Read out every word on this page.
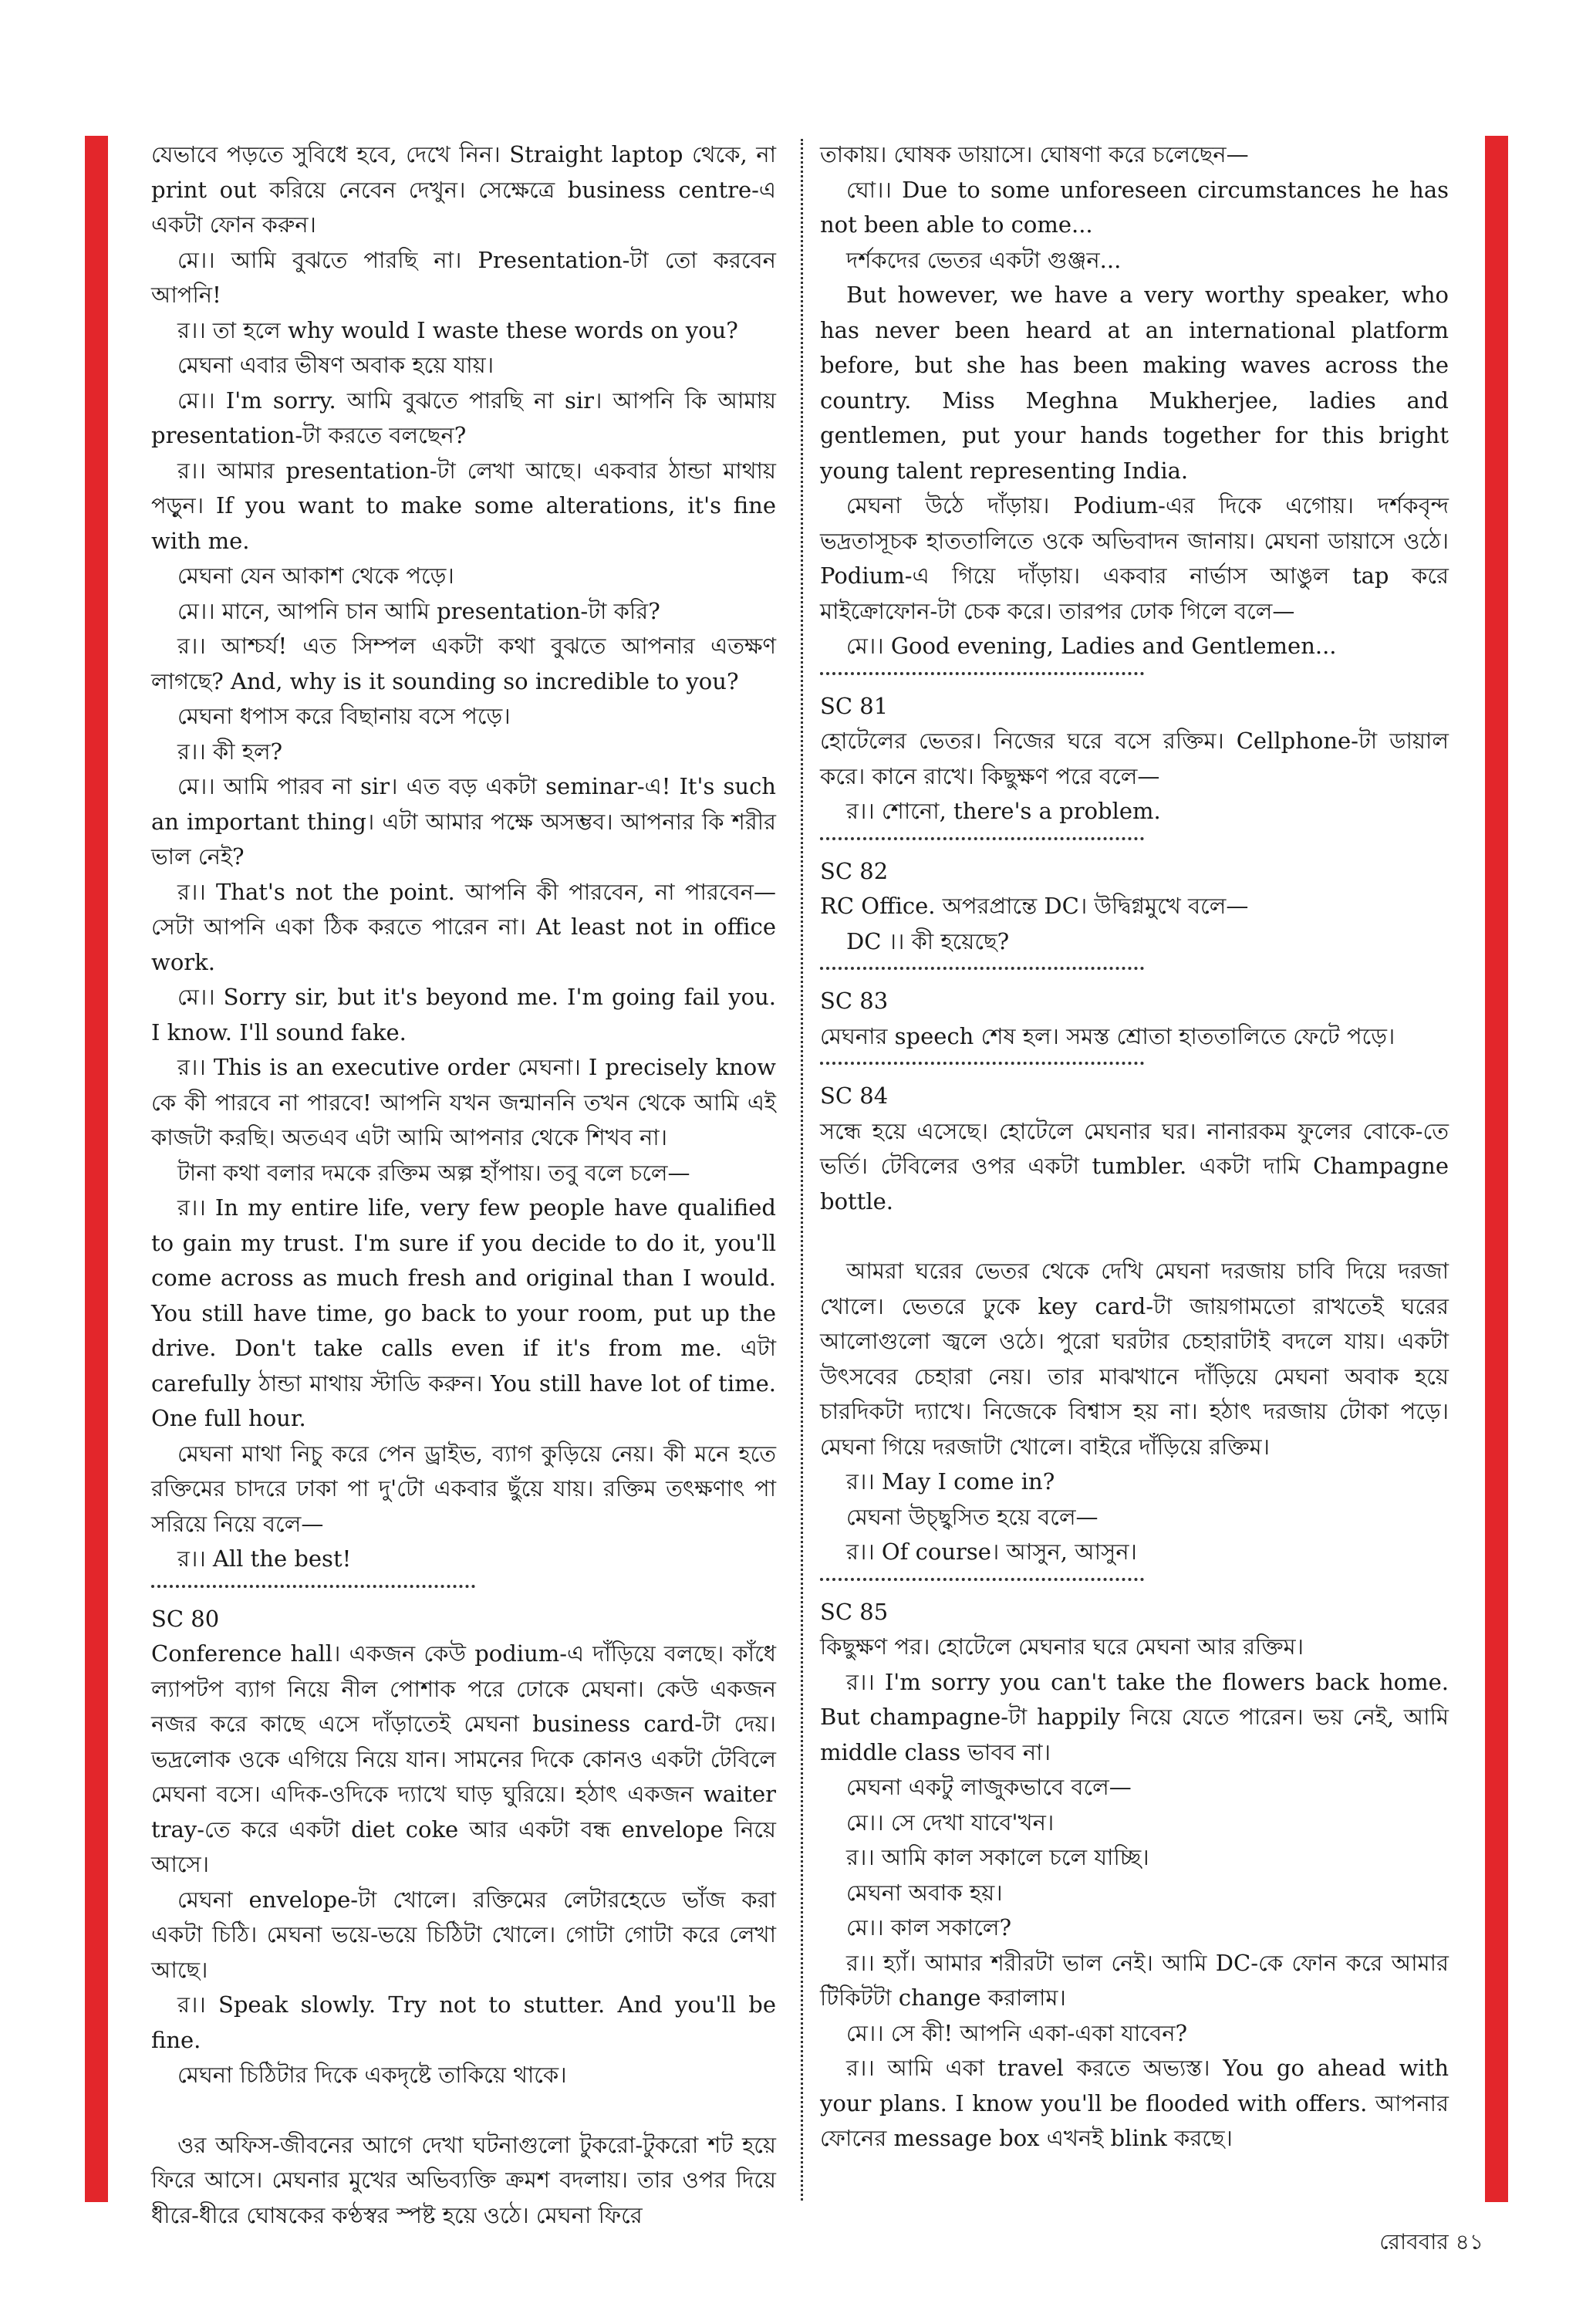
যেভাবে পড়তে সুবিধে হবে, দেখে নিন। Straight laptop থেকে, না print out করিয়ে নেবেন দেখুন। সেক্ষেত্রে business centre-এ একটা ফোন করুন।

মে।। আমি বুঝতে পারছি না। Presentation-টা তো করবেন আপনি!

র।। তা হলে why would I waste these words on you?

মেঘনা এবার ভীষণ অবাক হয়ে যায়।

মে।। I'm sorry. আমি বুঝতে পারছি না sir। আপনি কি আমায় presentation-টা করতে বলছেন?

র।। আমার presentation-টা লেখা আছে। একবার ঠান্ডা মাথায় পড়ুন। If you want to make some alterations, it's fine with me.

মেঘনা যেন আকাশ থেকে পড়ে।

মে।। মানে, আপনি চান আমি presentation-টা করি?

র।। আশ্চর্য! এত সিম্পল একটা কথা বুঝতে আপনার এতক্ষণ লাগছে? And, why is it sounding so incredible to you?

মেঘনা ধপাস করে বিছানায় বসে পড়ে।

র।। কী হল?

মে।। আমি পারব না sir। এত বড় একটা seminar-এ! It's such an important thing। এটা আমার পক্ষে অসম্ভব। আপনার কি শরীর ভাল নেই?

র।। That's not the point. আপনি কী পারবেন, না পারবেন—সেটা আপনি একা ঠিক করতে পারেন না। At least not in office work.

মে।। Sorry sir, but it's beyond me. I'm going fail you. I know. I'll sound fake.

র।। This is an executive order মেঘনা। I precisely know কে কী পারবে না পারবে! আপনি যখন জন্মাননি তখন থেকে আমি এই কাজটা করছি। অতএব এটা আমি আপনার থেকে শিখব না।

টানা কথা বলার দমকে রক্তিম অল্প হাঁপায়। তবু বলে চলে—

র।। In my entire life, very few people have qualified to gain my trust. I'm sure if you decide to do it, you'll come across as much fresh and original than I would. You still have time, go back to your room, put up the drive. Don't take calls even if it's from me. এটা carefully ঠান্ডা মাথায় স্টাডি করুন। You still have lot of time. One full hour.

মেঘনা মাথা নিচু করে পেন ড্রাইভ, ব্যাগ কুড়িয়ে নেয়। কী মনে হতে রক্তিমের চাদরে ঢাকা পা দু'টো একবার ছুঁয়ে যায়। রক্তিম তৎক্ষণাৎ পা সরিয়ে নিয়ে বলে—

র।। All the best!

SC 80

Conference hall। একজন কেউ podium-এ দাঁড়িয়ে বলছে। কাঁধে ল্যাপটপ ব্যাগ নিয়ে নীল পোশাক পরে ঢোকে মেঘনা। কেউ একজন নজর করে কাছে এসে দাঁড়াতেই মেঘনা business card-টা দেয়। ভদ্রলোক ওকে এগিয়ে নিয়ে যান। সামনের দিকে কোনও একটা টেবিলে মেঘনা বসে। এদিক-ওদিকে দ্যাখে ঘাড় ঘুরিয়ে। হঠাৎ একজন waiter tray-তে করে একটা diet coke আর একটা বন্ধ envelope নিয়ে আসে।

মেঘনা envelope-টা খোলে। রক্তিমের লেটারহেডে ভাঁজ করা একটা চিঠি। মেঘনা ভয়ে-ভয়ে চিঠিটা খোলে। গোটা গোটা করে লেখা আছে।

র।। Speak slowly. Try not to stutter. And you'll be fine.

মেঘনা চিঠিটার দিকে একদৃষ্টে তাকিয়ে থাকে।

ওর অফিস-জীবনের আগে দেখা ঘটনাগুলো টুকরো-টুকরো শট হয়ে ফিরে আসে। মেঘনার মুখের অভিব্যক্তি ক্রমশ বদলায়। তার ওপর দিয়ে ধীরে-ধীরে ঘোষকের কণ্ঠস্বর স্পষ্ট হয়ে ওঠে। মেঘনা ফিরে

তাকায়। ঘোষক ডায়াসে। ঘোষণা করে চলেছেন—

ঘো।। Due to some unforeseen circumstances he has not been able to come...

দর্শকদের ভেতর একটা গুঞ্জন...

But however, we have a very worthy speaker, who has never been heard at an international platform before, but she has been making waves across the country. Miss Meghna Mukherjee, ladies and gentlemen, put your hands together for this bright young talent representing India.

মেঘনা উঠে দাঁড়ায়। Podium-এর দিকে এগোয়। দর্শকবৃন্দ ভদ্রতাসূচক হাততালিতে ওকে অভিবাদন জানায়। মেঘনা ডায়াসে ওঠে। Podium-এ গিয়ে দাঁড়ায়। একবার নার্ভাস আঙুল tap করে মাইক্রোফোন-টা চেক করে। তারপর ঢোক গিলে বলে—

মে।। Good evening, Ladies and Gentlemen...

SC 81

হোটেলের ভেতর। নিজের ঘরে বসে রক্তিম। Cellphone-টা ডায়াল করে। কানে রাখে। কিছুক্ষণ পরে বলে—

র।। শোনো, there's a problem.

SC 82

RC Office. অপরপ্রান্তে DC। উদ্বিগ্নমুখে বলে—

DC ।। কী হয়েছে?

SC 83

মেঘনার speech শেষ হল। সমস্ত শ্রোতা হাততালিতে ফেটে পড়ে।

SC 84

সন্ধে হয়ে এসেছে। হোটেলে মেঘনার ঘর। নানারকম ফুলের বোকে-তে ভর্তি। টেবিলের ওপর একটা tumbler. একটা দামি Champagne bottle.

আমরা ঘরের ভেতর থেকে দেখি মেঘনা দরজায় চাবি দিয়ে দরজা খোলে। ভেতরে ঢুকে key card-টা জায়গামতো রাখতেই ঘরের আলোগুলো জ্বলে ওঠে। পুরো ঘরটার চেহারাটাই বদলে যায়। একটা উৎসবের চেহারা নেয়। তার মাঝখানে দাঁড়িয়ে মেঘনা অবাক হয়ে চারদিকটা দ্যাখে। নিজেকে বিশ্বাস হয় না। হঠাৎ দরজায় টোকা পড়ে। মেঘনা গিয়ে দরজাটা খোলে। বাইরে দাঁড়িয়ে রক্তিম।

র।। May I come in?

মেঘনা উচ্ছ্বসিত হয়ে বলে—

র।। Of course। আসুন, আসুন।

SC 85

কিছুক্ষণ পর। হোটেলে মেঘনার ঘরে মেঘনা আর রক্তিম।

র।। I'm sorry you can't take the flowers back home. But champagne-টা happily নিয়ে যেতে পারেন। ভয় নেই, আমি middle class ভাবব না।

মেঘনা একটু লাজুকভাবে বলে—

মে।। সে দেখা যাবে'খন।

র।। আমি কাল সকালে চলে যাচ্ছি।

মেঘনা অবাক হয়।

মে।। কাল সকালে?

র।। হ্যাঁ। আমার শরীরটা ভাল নেই। আমি DC-কে ফোন করে আমার টিকিটটা change করালাম।

মে।। সে কী! আপনি একা-একা যাবেন?

র।। আমি একা travel করতে অভ্যস্ত। You go ahead with your plans. I know you'll be flooded with offers. আপনার ফোনের message box এখনই blink করছে।

রোববার ৪১
